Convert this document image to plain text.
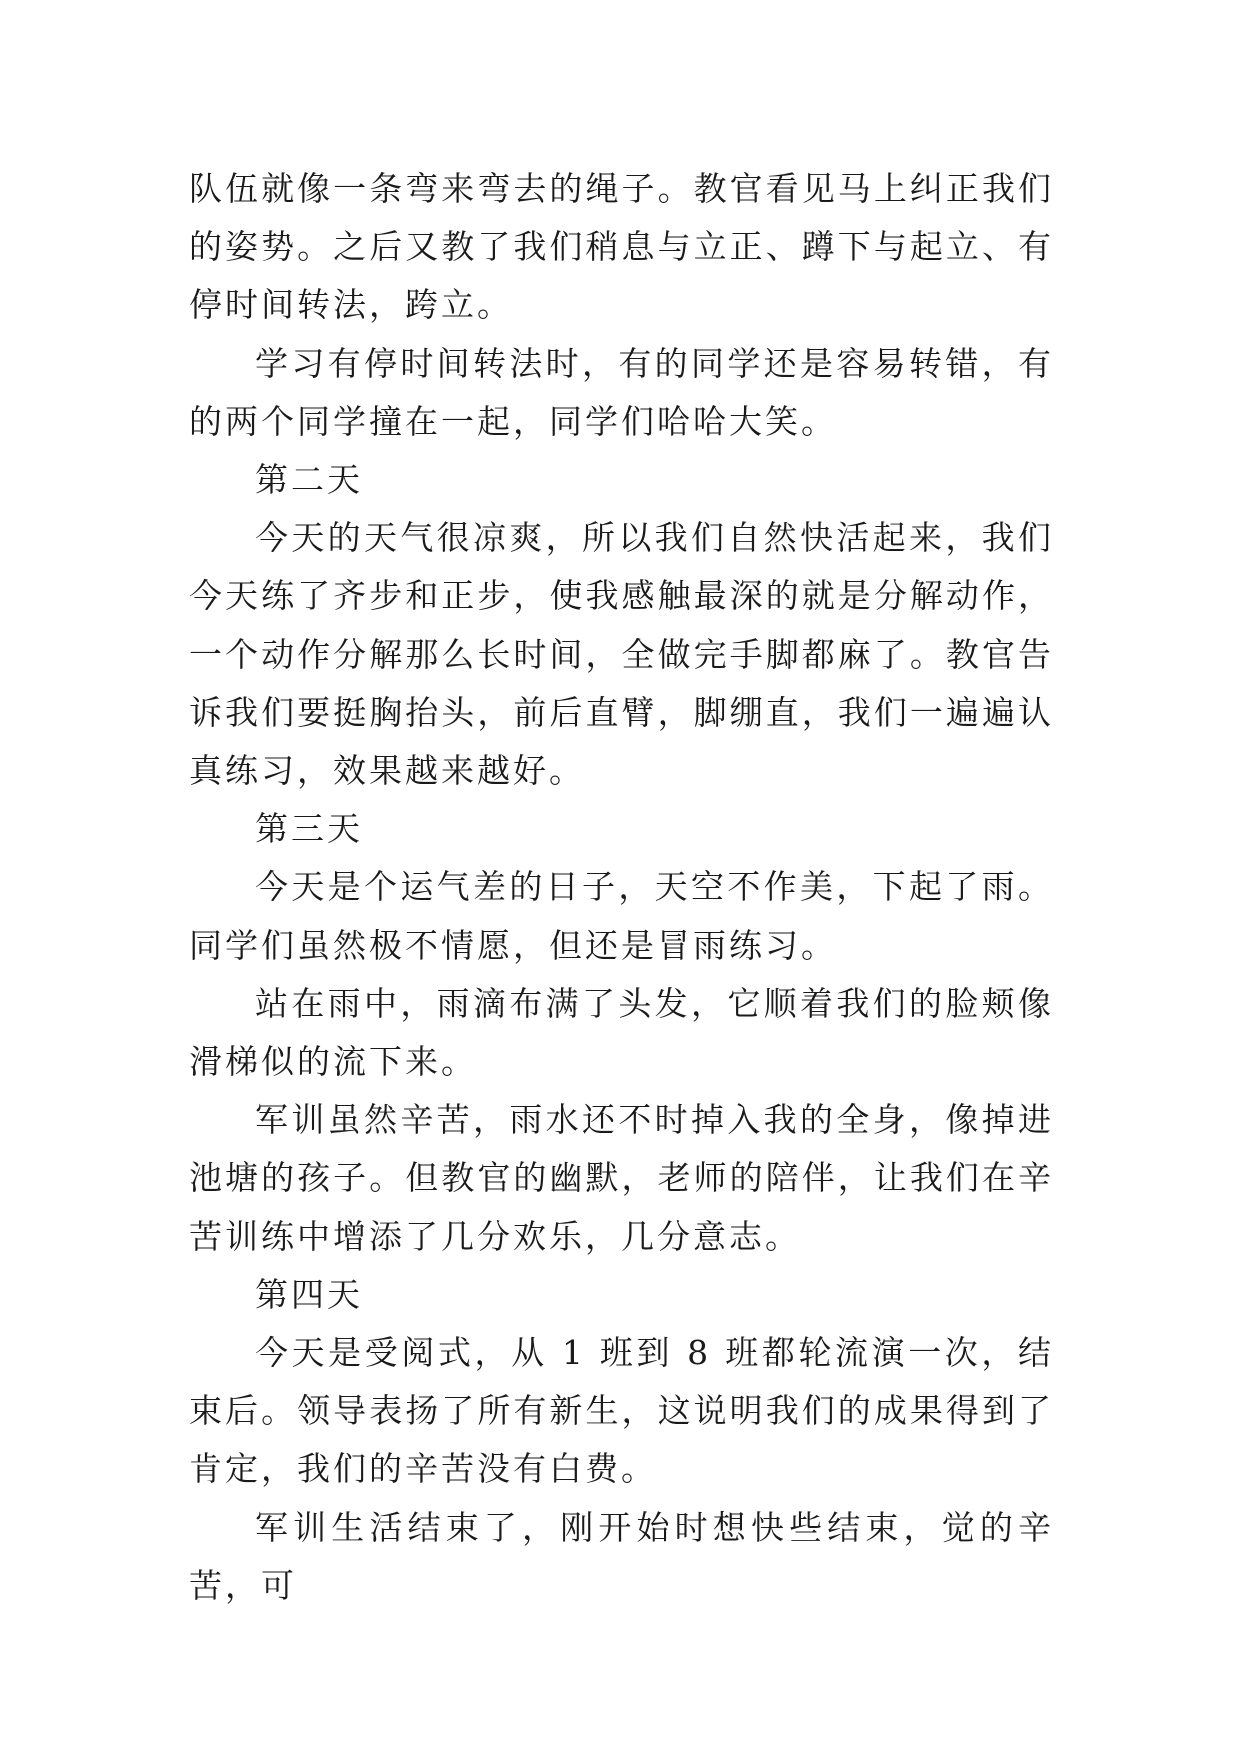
队伍就像一条弯来弯去的绳子。教官看见马上纠正我们的姿势。之后又教了我们稍息与立正、蹲下与起立、有停时间转法，跨立。

学习有停时间转法时，有的同学还是容易转错，有的两个同学撞在一起，同学们哈哈大笑。

第二天

今天的天气很凉爽，所以我们自然快活起来，我们今天练了齐步和正步，使我感触最深的就是分解动作，一个动作分解那么长时间，全做完手脚都麻了。教官告诉我们要挺胸抬头，前后直臂，脚绷直，我们一遍遍认真练习，效果越来越好。

第三天

今天是个运气差的日子，天空不作美，下起了雨。同学们虽然极不情愿，但还是冒雨练习。

站在雨中，雨滴布满了头发，它顺着我们的脸颊像滑梯似的流下来。

军训虽然辛苦，雨水还不时掉入我的全身，像掉进池塘的孩子。但教官的幽默，老师的陪伴，让我们在辛苦训练中增添了几分欢乐，几分意志。

第四天

今天是受阅式，从 1 班到 8 班都轮流演一次，结束后。领导表扬了所有新生，这说明我们的成果得到了肯定，我们的辛苦没有白费。

军训生活结束了，刚开始时想快些结束，觉的辛苦，可
